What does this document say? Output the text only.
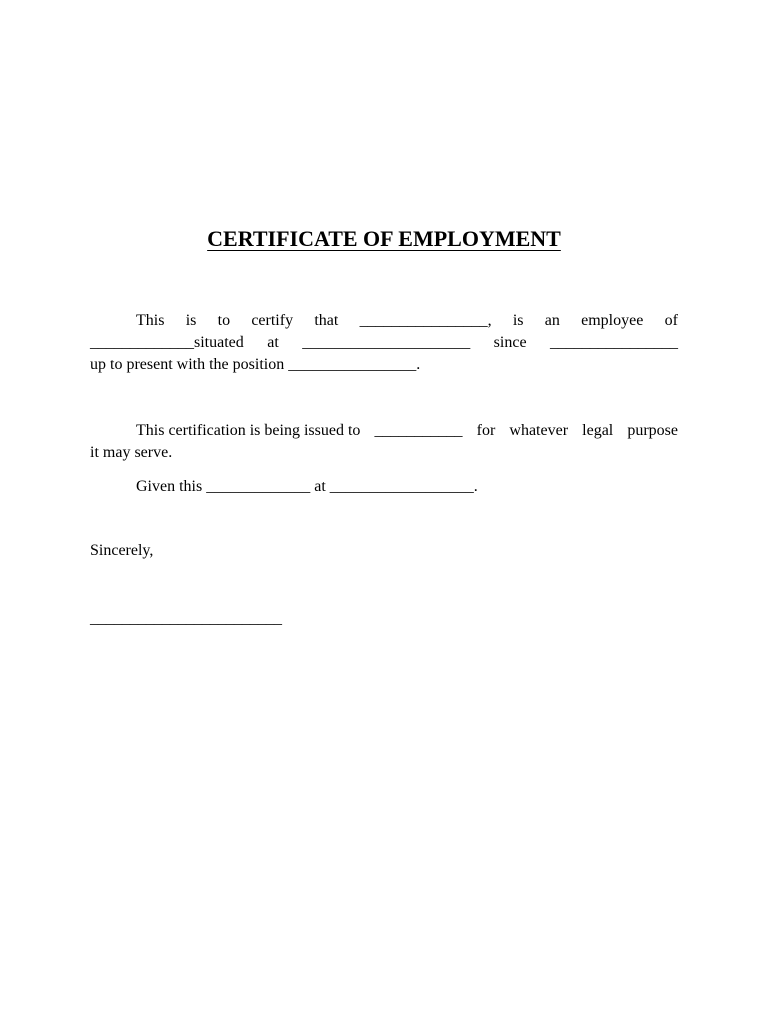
CERTIFICATE OF EMPLOYMENT
This is to certify that ________________, is an employee of
_____________situated at _____________________ since ________________
up to present with the position ________________.
This certification is being issued to ___________ for whatever legal purpose
it may serve.
Given this _____________ at __________________.
Sincerely,
________________________
